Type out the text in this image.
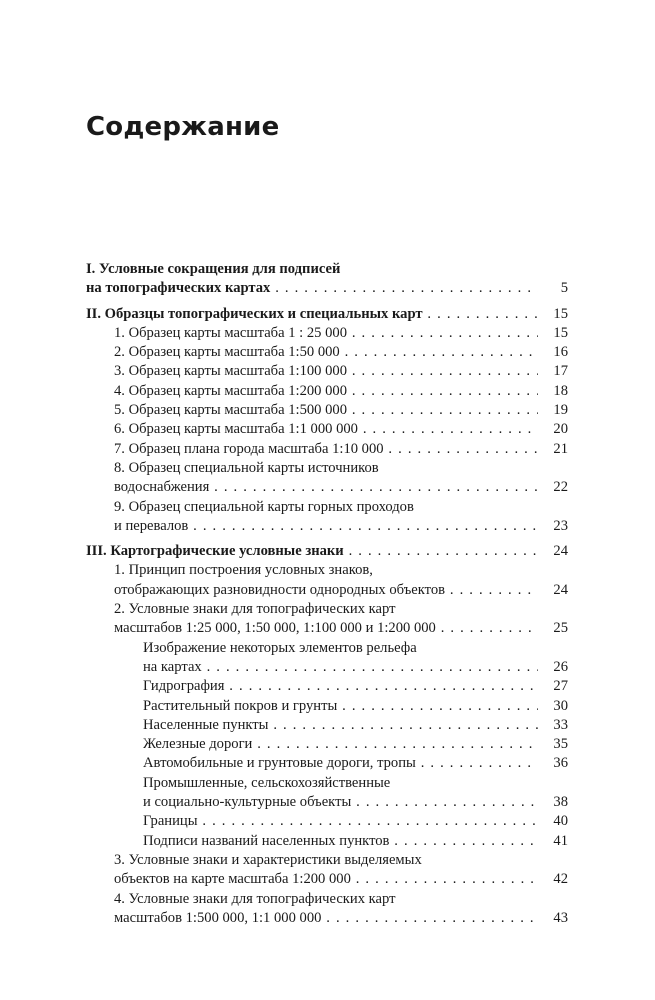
Содержание
I. Условные сокращения для подписей
на топографических картах . . .	5
II. Образцы топографических и специальных карт . . .	15
1. Образец карты масштаба 1 : 25 000 . . .	15
2. Образец карты масштаба 1:50 000 . . .	16
3. Образец карты масштаба 1:100 000 . . .	17
4. Образец карты масштаба 1:200 000 . . .	18
5. Образец карты масштаба 1:500 000 . . .	19
6. Образец карты масштаба 1:1 000 000 . . .	20
7. Образец плана города масштаба 1:10 000 . . .	21
8. Образец специальной карты источников
водоснабжения . . .	22
9. Образец специальной карты горных проходов
и перевалов . . .	23
III. Картографические условные знаки . . .	24
1. Принцип построения условных знаков,
отображающих разновидности однородных объектов . . .	24
2. Условные знаки для топографических карт
масштабов 1:25 000, 1:50 000, 1:100 000 и 1:200 000 . . .	25
Изображение некоторых элементов рельефа
на картах . . .	26
Гидрография . . .	27
Растительный покров и грунты . . .	30
Населенные пункты . . .	33
Железные дороги . . .	35
Автомобильные и грунтовые дороги, тропы . . .	36
Промышленные, сельскохозяйственные
и социально-культурные объекты . . .	38
Границы . . .	40
Подписи названий населенных пунктов . . .	41
3. Условные знаки и характеристики выделяемых
объектов на карте масштаба 1:200 000 . . .	42
4. Условные знаки для топографических карт
масштабов 1:500 000, 1:1 000 000 . . .	43
